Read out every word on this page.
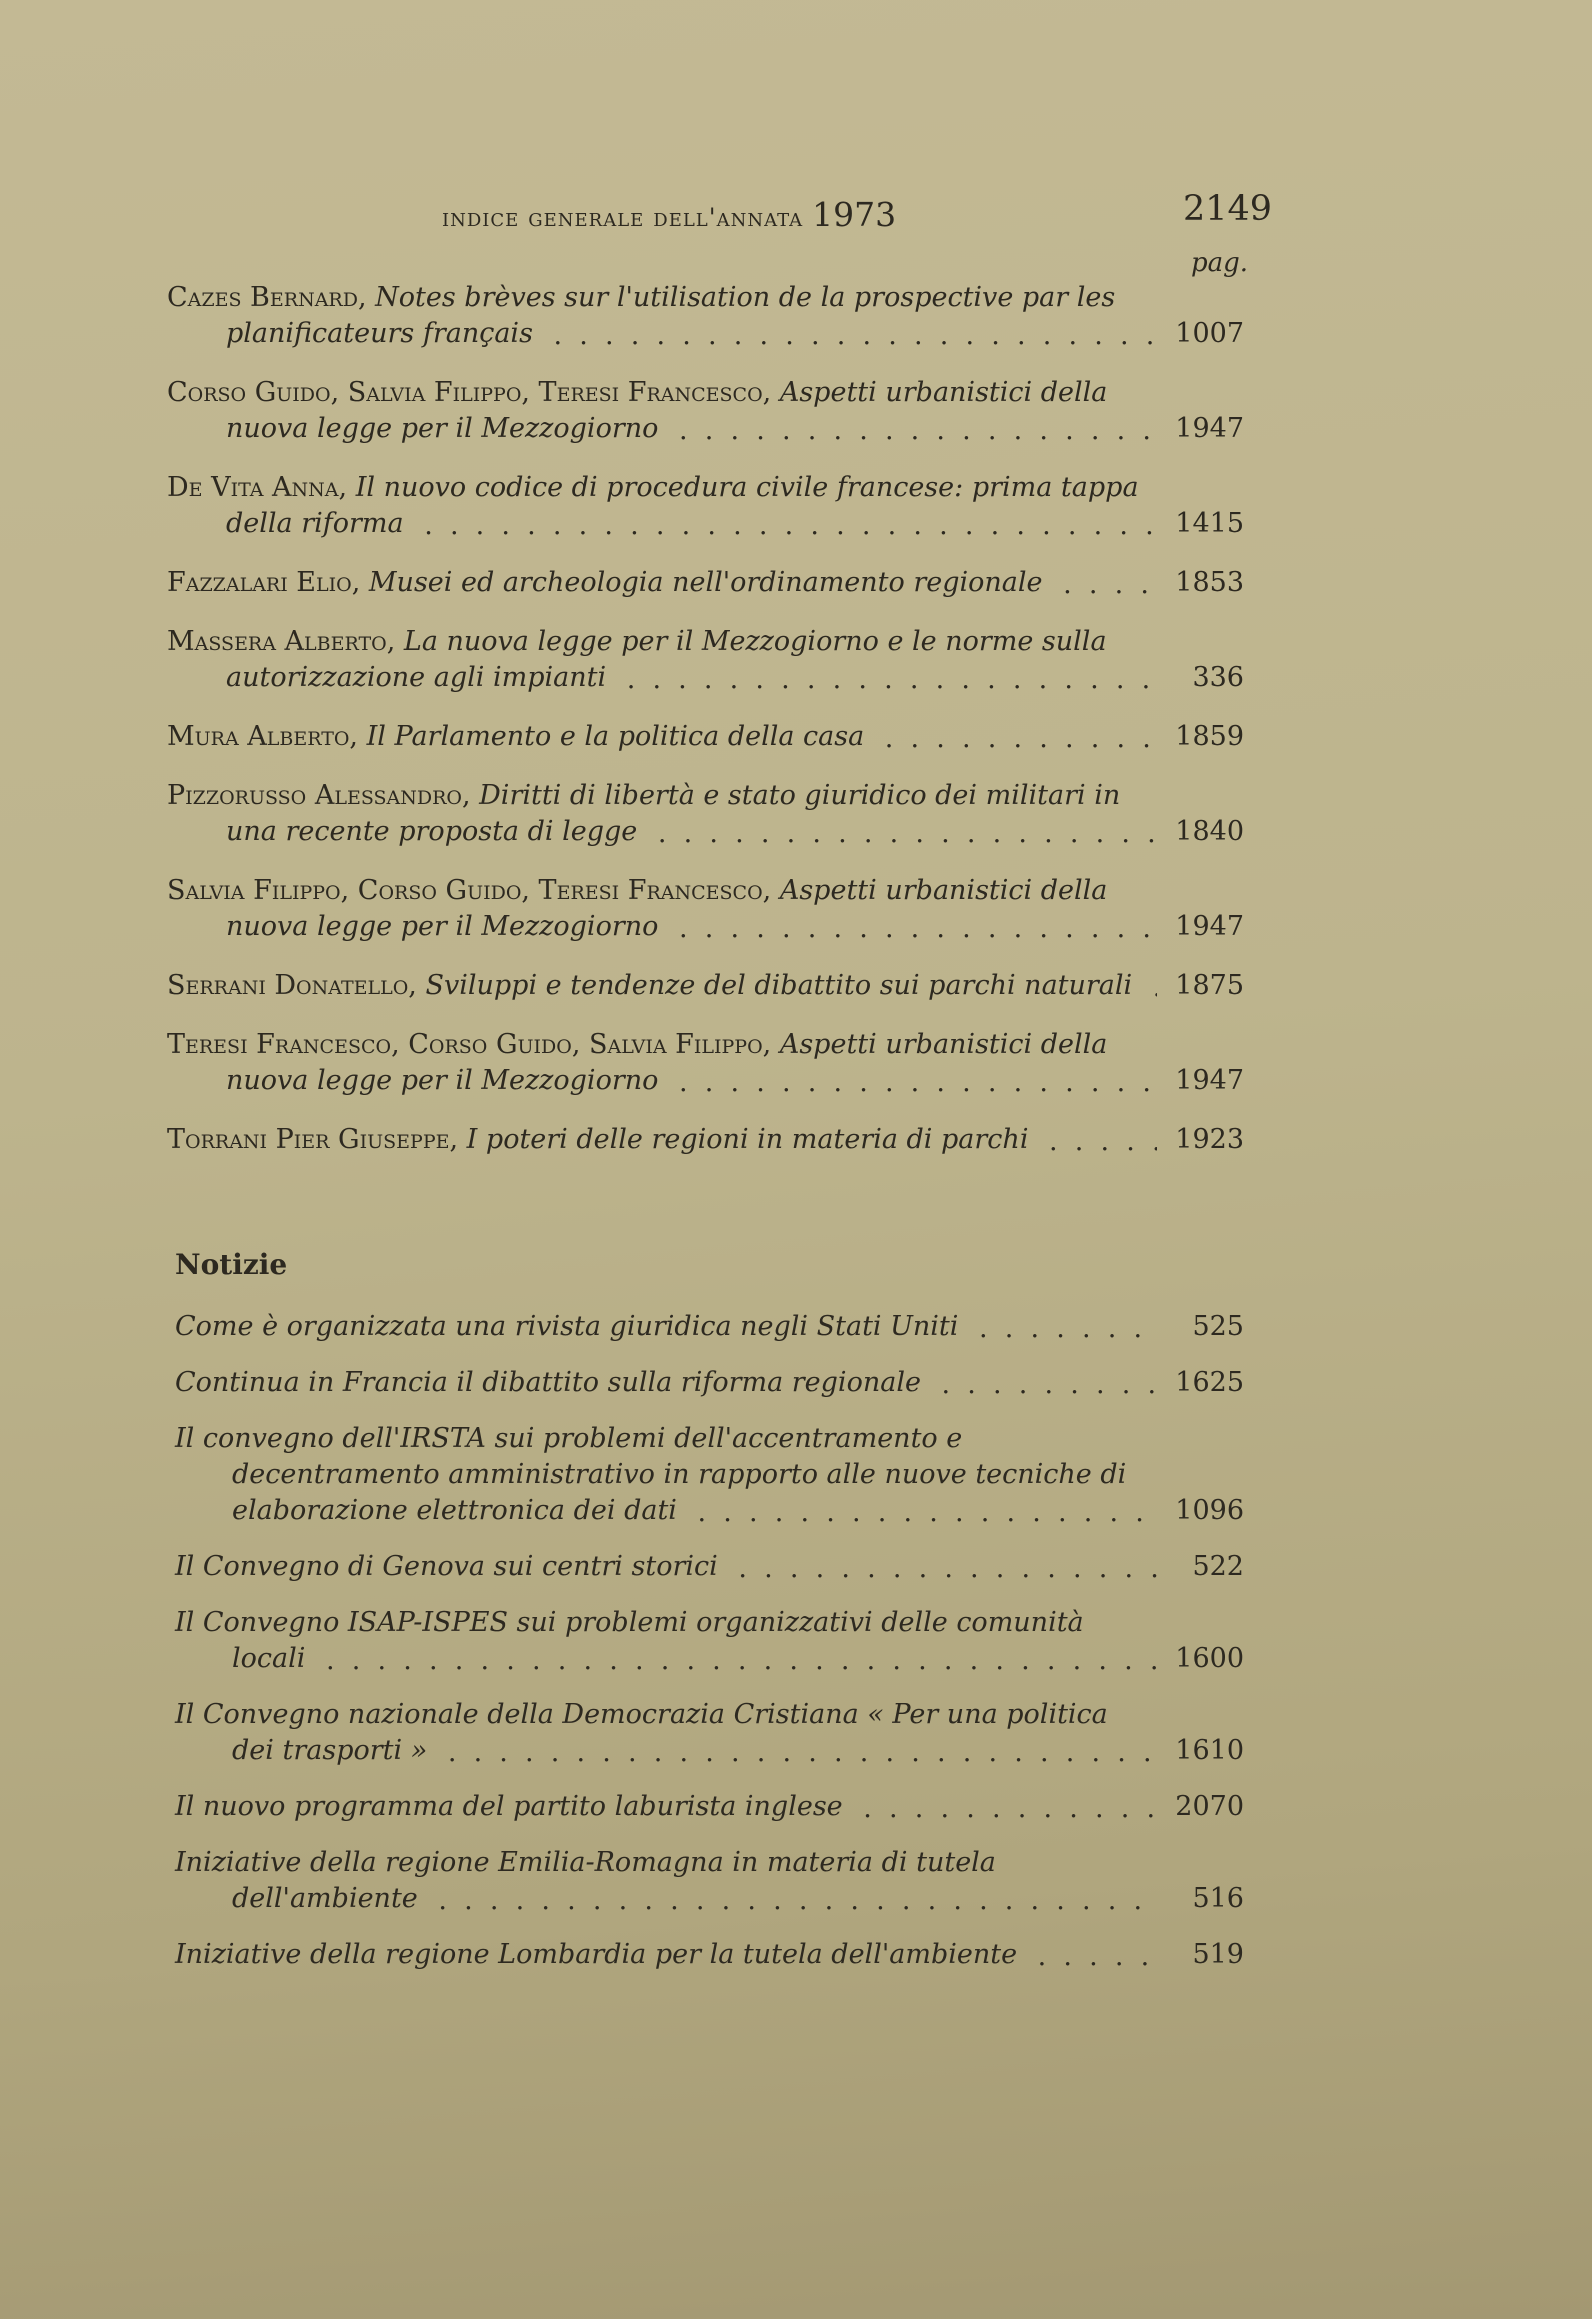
indice generale dell'annata 1973	2149
pag.
Cazes Bernard, Notes brèves sur l'utilisation de la prospective par les planificateurs français	1007
Corso Guido, Salvia Filippo, Teresi Francesco, Aspetti urbanistici della nuova legge per il Mezzogiorno	1947
De Vita Anna, Il nuovo codice di procedura civile francese: prima tappa della riforma	1415
Fazzalari Elio, Musei ed archeologia nell'ordinamento regionale	1853
Massera Alberto, La nuova legge per il Mezzogiorno e le norme sulla autorizzazione agli impianti	336
Mura Alberto, Il Parlamento e la politica della casa	1859
Pizzorusso Alessandro, Diritti di libertà e stato giuridico dei militari in una recente proposta di legge	1840
Salvia Filippo, Corso Guido, Teresi Francesco, Aspetti urbanistici della nuova legge per il Mezzogiorno	1947
Serrani Donatello, Sviluppi e tendenze del dibattito sui parchi naturali	1875
Teresi Francesco, Corso Guido, Salvia Filippo, Aspetti urbanistici della nuova legge per il Mezzogiorno	1947
Torrani Pier Giuseppe, I poteri delle regioni in materia di parchi	1923
Notizie
Come è organizzata una rivista giuridica negli Stati Uniti	525
Continua in Francia il dibattito sulla riforma regionale	1625
Il convegno dell'IRSTA sui problemi dell'accentramento e decentramento amministrativo in rapporto alle nuove tecniche di elaborazione elettronica dei dati	1096
Il Convegno di Genova sui centri storici	522
Il Convegno ISAP-ISPES sui problemi organizzativi delle comunità locali	1600
Il Convegno nazionale della Democrazia Cristiana « Per una politica dei trasporti »	1610
Il nuovo programma del partito laburista inglese	2070
Iniziative della regione Emilia-Romagna in materia di tutela dell'ambiente	516
Iniziative della regione Lombardia per la tutela dell'ambiente	519
